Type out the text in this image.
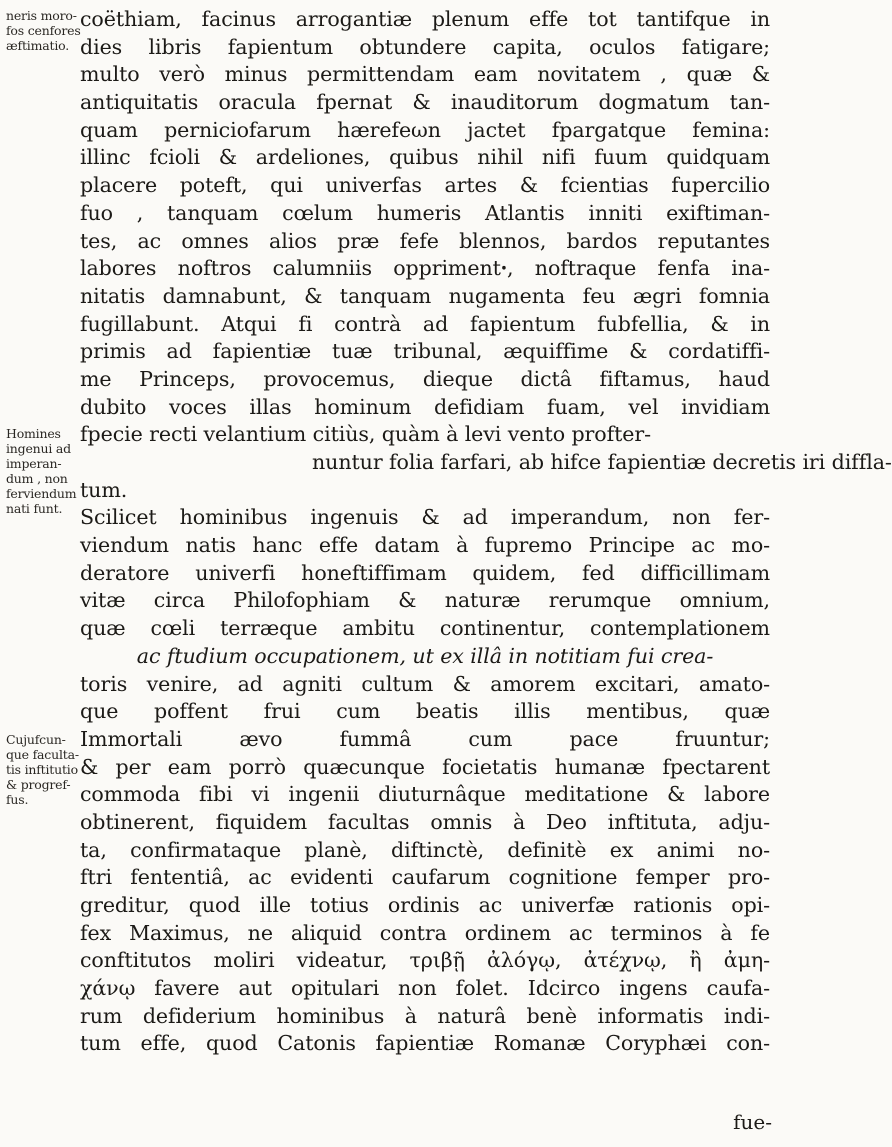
neris moro-
fos cenfores
æftimatio.
Homines
ingenui ad
imperan-
dum , non
ferviendum
nati funt.
Cujufcun-
que faculta-
tis inftitutio
& progref-
fus.
coëthiam, facinus arrogantiæ plenum effe tot tantifque in
dies libris fapientum obtundere capita, oculos fatigare;
multo verò minus permittendam eam novitatem , quæ &
antiquitatis oracula fpernat & inauditorum dogmatum tan-
quam perniciofarum hærefeωn jactet fpargatque femina:
illinc fcioli & ardeliones, quibus nihil nifi fuum quidquam
placere poteft, qui univerfas artes & fcientias fupercilio
fuo , tanquam cœlum humeris Atlantis inniti exiftiman-
tes, ac omnes alios præ fefe blennos, bardos reputantes
labores noftros calumniis opprimentꞏ, noftraque fenfa ina-
nitatis damnabunt, & tanquam nugamenta feu ægri fomnia
fugillabunt. Atqui fi contrà ad fapientum fubfellia, & in
primis ad fapientiæ tuæ tribunal, æquiffime & cordatiffi-
me Princeps, provocemus, dieque dictâ fiftamus, haud
dubito voces illas hominum defidiam fuam, vel invidiam
fpecie recti velantium citiùs, quàm à levi vento profter-
nuntur folia farfari, ab hifce fapientiæ decretis iri diffla-
tum.
Scilicet hominibus ingenuis & ad imperandum, non fer-
viendum natis hanc effe datam à fupremo Principe ac mo-
deratore univerfi honeftiffimam quidem, fed difficillimam
vitæ circa Philofophiam & naturæ rerumque omnium,
quæ cœli terræque ambitu continentur, contemplationem
ac ftudium occupationem, ut ex illâ in notitiam fui crea-
toris venire, ad agniti cultum & amorem excitari, amato-
que poffent frui cum beatis illis mentibus, quæ
Immortali ævo fummâ cum pace fruuntur;
& per eam porrò quæcunque focietatis humanæ fpectarent
commoda fibi vi ingenii diuturnâque meditatione & labore
obtinerent, fiquidem facultas omnis à Deo inftituta, adju-
ta, confirmataque planè, diftinctè, definitè ex animi no-
ftri fententiâ, ac evidenti caufarum cognitione femper pro-
greditur, quod ille totius ordinis ac univerfæ rationis opi-
fex Maximus, ne aliquid contra ordinem ac terminos à fe
conftitutos moliri videatur, τριβῇ ἀλόγῳ, ἀτέχνῳ, ἢ ἀμη-
χάνῳ favere aut opitulari non folet. Idcirco ingens caufa-
rum defiderium hominibus à naturâ benè informatis indi-
tum effe, quod Catonis fapientiæ Romanæ Coryphæi con-
fue-
